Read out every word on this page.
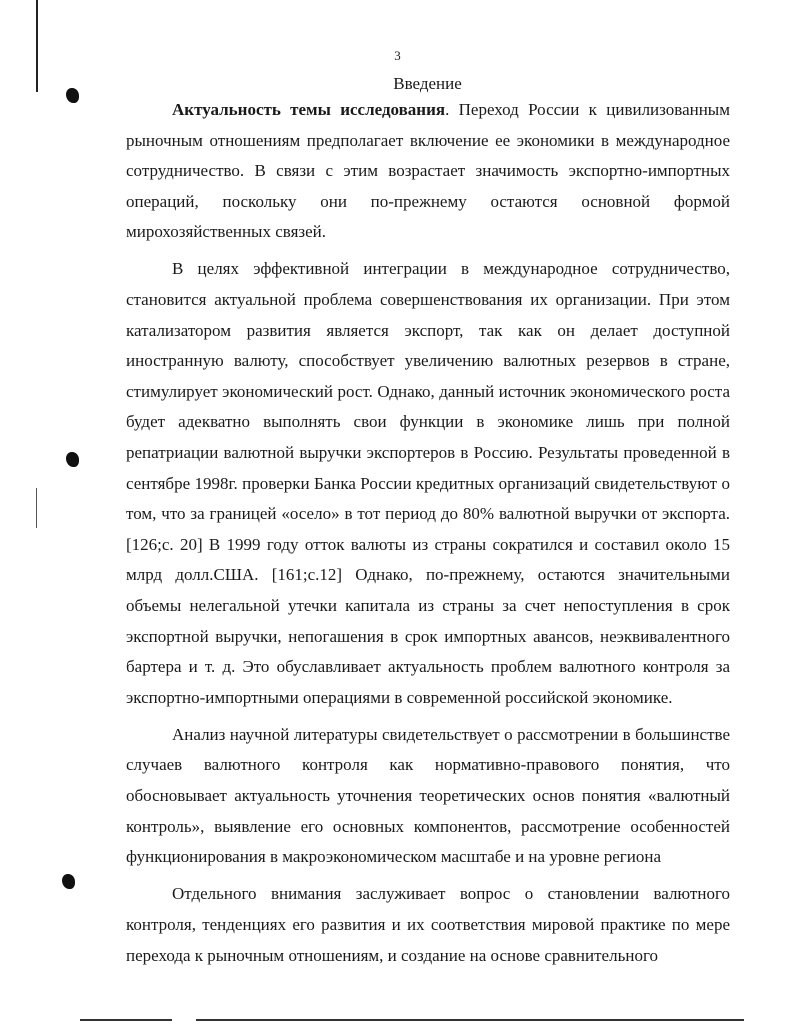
3
Введение

Актуальность темы исследования. Переход России к цивилизованным рыночным отношениям предполагает включение ее экономики в международное сотрудничество. В связи с этим возрастает значимость экспортно-импортных операций, поскольку они по-прежнему остаются основной формой мирохозяйственных связей.

В целях эффективной интеграции в международное сотрудничество, становится актуальной проблема совершенствования их организации. При этом катализатором развития является экспорт, так как он делает доступной иностранную валюту, способствует увеличению валютных резервов в стране, стимулирует экономический рост. Однако, данный источник экономического роста будет адекватно выполнять свои функции в экономике лишь при полной репатриации валютной выручки экспортеров в Россию. Результаты проведенной в сентябре 1998г. проверки Банка России кредитных организаций свидетельствуют о том, что за границей «осело» в тот период до 80% валютной выручки от экспорта.[126;с. 20] В 1999 году отток валюты из страны сократился и составил около 15 млрд долл.США. [161;с.12] Однако, по-прежнему, остаются значительными объемы нелегальной утечки капитала из страны за счет непоступления в срок экспортной выручки, непогашения в срок импортных авансов, неэквивалентного бартера и т. д. Это обуславливает актуальность проблем валютного контроля за экспортно-импортными операциями в современной российской экономике.

Анализ научной литературы свидетельствует о рассмотрении в большинстве случаев валютного контроля как нормативно-правового понятия, что обосновывает актуальность уточнения теоретических основ понятия «валютный контроль», выявление его основных компонентов, рассмотрение особенностей функционирования в макроэкономическом масштабе и на уровне региона

Отдельного внимания заслуживает вопрос о становлении валютного контроля, тенденциях его развития и их соответствия мировой практике по мере перехода к рыночным отношениям, и создание на основе сравнительного
